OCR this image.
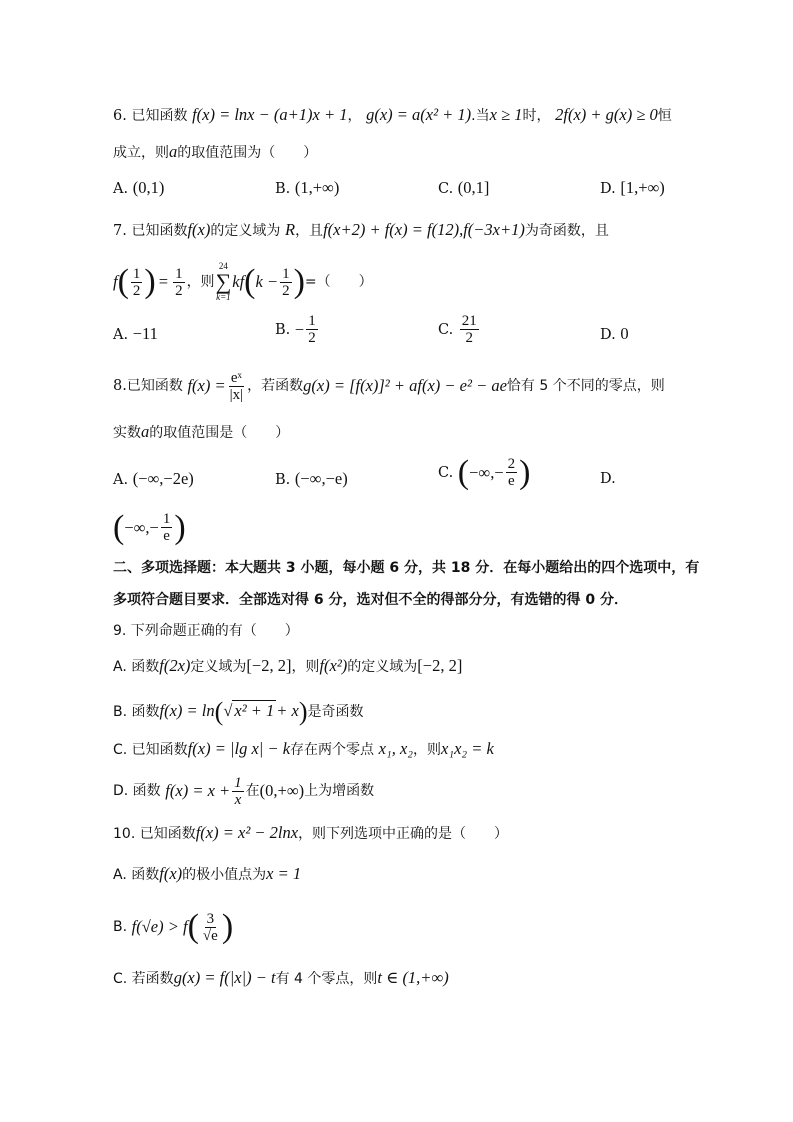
6. 已知函数 f(x) = lnx − (a+1)x + 1， g(x) = a(x² + 1).当x ≥ 1时， 2f(x) + g(x) ≥ 0恒
成立，则a的取值范围为（　　）
A. (0,1)	B. (1,+∞)	C. (0,1]	D. [1,+∞)
7. 已知函数f(x)的定义域为 R，且f(x+2) + f(x) = f(12),f(−3x+1)为奇函数，且
f ( $\frac{1}{2}$ ) = $\frac{1}{2}$ ，则
24
∑
k=1
kf ( $k - \frac{1}{2}$ ) =（　　）
A. −11	B.
− $\frac{1}{2}$	C.
$\frac{21}{2}$	D. 0
8. 已知函数
$f(x) = \frac{\text{eˣ}}{|x|}$ ，若函数 g(x) = [f(x)]² + af(x) − e² − ae 恰有 5 个不同的零点，则
实数a的取值范围是（　　）
A. (−∞,−2e)	B. (−∞,−e)	C.
( −∞,− $\frac{2}{e}$ )	D.
( −∞,− $\frac{1}{e}$ )
二、多项选择题：本大题共 3 小题，每小题 6 分，共 18 分．在每小题给出的四个选项中，有
多项符合题目要求．全部选对得 6 分，选对但不全的得部分分，有选错的得 0 分．
9. 下列命题正确的有（　　）
A. 函数f(2x)定义域为[−2, 2]，则f(x²)的定义域为[−2, 2]
B. 函数f(x) = ln(√ x² + 1 + x)是奇函数
C. 已知函数f(x) = |lg x| − k存在两个零点 x₁, x₂，则x₁x₂ = k
D. 函数
$f(x) = x + \frac{1}{x}$ 在 (0,+∞) 上为增函数
10. 已知函数f(x) = x² − 2lnx，则下列选项中正确的是（　　）
A. 函数f(x)的极小值点为x = 1
B.
f(√e) > f ( $\frac{3}{√e}$ )
C. 若函数g(x) = f(|x|) − t有 4 个零点，则t ∈ (1,+∞)
